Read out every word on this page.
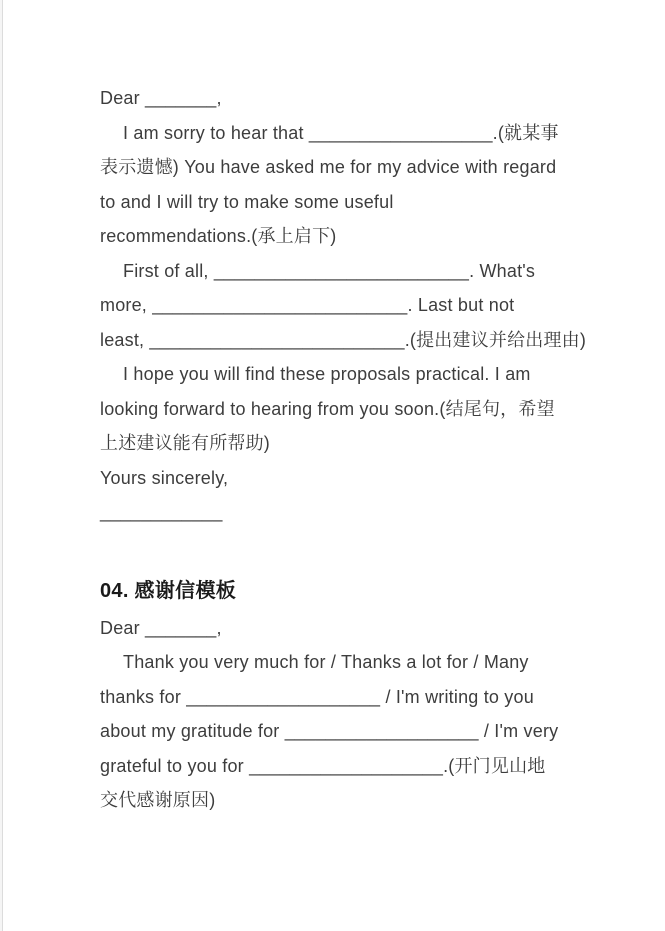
Dear _______,
I am sorry to hear that __________________.(就某事
表示遗憾) You have asked me for my advice with regard
to and I will try to make some useful
recommendations.(承上启下)
First of all, _________________________. What's
more, _________________________. Last but not
least, _________________________.(提出建议并给出理由)
I hope you will find these proposals practical. I am
looking forward to hearing from you soon.(结尾句，希望
上述建议能有所帮助)
Yours sincerely,
____________
04. 感谢信模板
Dear _______,
Thank you very much for / Thanks a lot for / Many
thanks for ___________________ / I'm writing to you
about my gratitude for ___________________ / I'm very
grateful to you for ___________________.(开门见山地
交代感谢原因)
